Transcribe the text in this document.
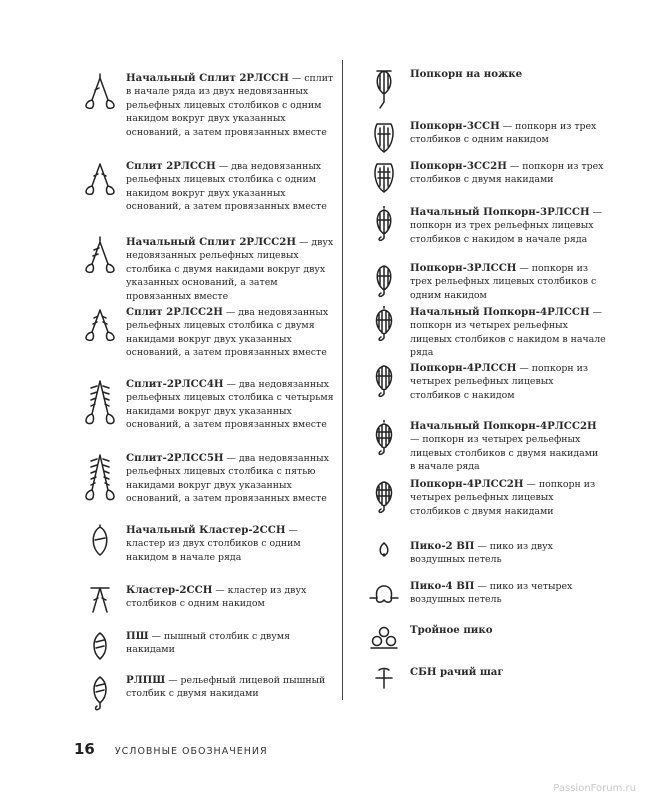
Начальный Сплит 2РЛССН — сплит в начале ряда из двух недовязанных рельефных лицевых столбиков с одним накидом вокруг двух указанных оснований, а затем провязанных вместе
Сплит 2РЛССН — два недовязанных рельефных лицевых столбика с одним накидом вокруг двух указанных оснований, а затем провязанных вместе
Начальный Сплит 2РЛСС2Н — двух недовязанных рельефных лицевых столбика с двумя накидами вокруг двух указанных оснований, а затем провязанных вместе
Сплит 2РЛСС2Н — два недовязанных рельефных лицевых столбика с двумя накидами вокруг двух указанных оснований, а затем провязанных вместе
Сплит-2РЛСС4Н — два недовязанных рельефных лицевых столбика с четырьмя накидами вокруг двух указанных оснований, а затем провязанных вместе
Сплит-2РЛСС5Н — два недовязанных рельефных лицевых столбика с пятью накидами вокруг двух указанных оснований, а затем провязанных вместе
Начальный Кластер-2ССН — кластер из двух столбиков с одним накидом в начале ряда
Кластер-2ССН — кластер из двух столбиков с одним накидом
ПШ — пышный столбик с двумя накидами
РЛПШ — рельефный лицевой пышный столбик с двумя накидами
Попкорн на ножке
Попкорн-3ССН — попкорн из трех столбиков с одним накидом
Попкорн-3СС2Н — попкорн из трех столбиков с двумя накидами
Начальный Попкорн-3РЛССН — попкорн из трех рельефных лицевых столбиков с накидом в начале ряда
Попкорн-3РЛССН — попкорн из трех рельефных лицевых столбиков с одним накидом
Начальный Попкорн-4РЛССН — попкорн из четырех рельефных лицевых столбиков с накидом в начале ряда
Попкорн-4РЛССН — попкорн из четырех рельефных лицевых столбиков с накидом
Начальный Попкорн-4РЛСС2Н — попкорн из четырех рельефных лицевых столбиков с двумя накидами в начале ряда
Попкорн-4РЛСС2Н — попкорн из четырех рельефных лицевых столбиков с двумя накидами
Пико-2 ВП — пико из двух воздушных петель
Пико-4 ВП — пико из четырех воздушных петель
Тройное пико
СБН рачий шаг
16 УСЛОВНЫЕ ОБОЗНАЧЕНИЯ
PassionForum.ru
